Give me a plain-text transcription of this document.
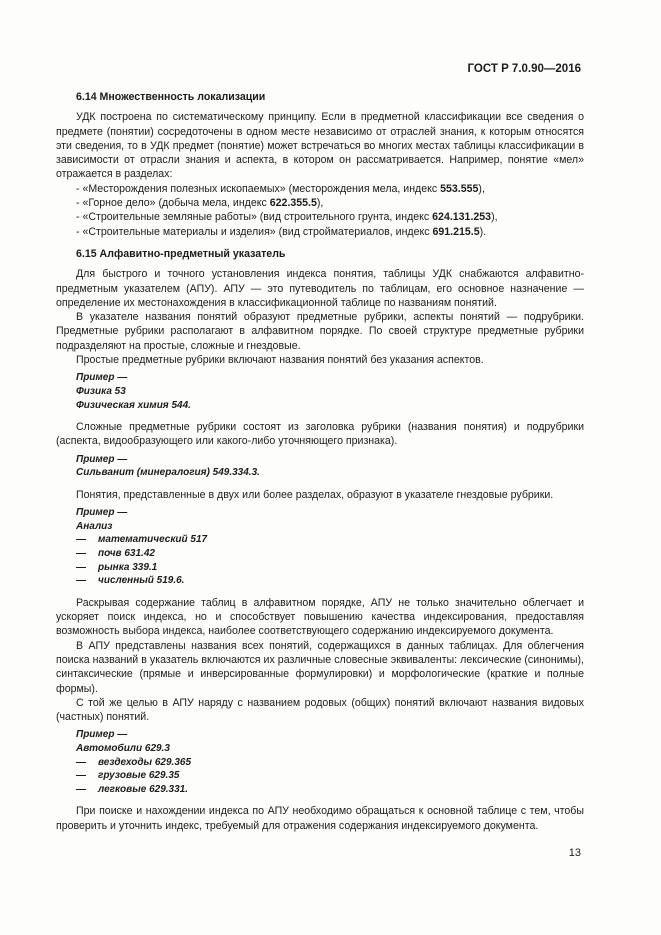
ГОСТ Р 7.0.90—2016
6.14 Множественность локализации

УДК построена по систематическому принципу. Если в предметной классификации все сведения о предмете (понятии) сосредоточены в одном месте независимо от отраслей знания, к которым относятся эти сведения, то в УДК предмет (понятие) может встречаться во многих местах таблицы классификации в зависимости от отрасли знания и аспекта, в котором он рассматривается. Например, понятие «мел» отражается в разделах:

- «Месторождения полезных ископаемых» (месторождения мела, индекс 553.555),

- «Горное дело» (добыча мела, индекс 622.355.5),

- «Строительные земляные работы» (вид строительного грунта, индекс 624.131.253),

- «Строительные материалы и изделия» (вид стройматериалов, индекс 691.215.5).

6.15 Алфавитно-предметный указатель

Для быстрого и точного установления индекса понятия, таблицы УДК снабжаются алфавитно-предметным указателем (АПУ). АПУ — это путеводитель по таблицам, его основное назначение — определение их местонахождения в классификационной таблице по названиям понятий.

В указателе названия понятий образуют предметные рубрики, аспекты понятий — подрубрики. Предметные рубрики располагают в алфавитном порядке. По своей структуре предметные рубрики подразделяют на простые, сложные и гнездовые.

Простые предметные рубрики включают названия понятий без указания аспектов.

Пример —
Физика 53
Физическая химия 544.

Сложные предметные рубрики состоят из заголовка рубрики (названия понятия) и подрубрики (аспекта, видообразующего или какого-либо уточняющего признака).

Пример —
Сильванит (минералогия) 549.334.3.

Понятия, представленные в двух или более разделах, образуют в указателе гнездовые рубрики.

Пример —
Анализ
—	математический 517
—	почв 631.42
—	рынка 339.1
—	численный 519.6.

Раскрывая содержание таблиц в алфавитном порядке, АПУ не только значительно облегчает и ускоряет поиск индекса, но и способствует повышению качества индексирования, предоставляя возможность выбора индекса, наиболее соответствующего содержанию индексируемого документа.

В АПУ представлены названия всех понятий, содержащихся в данных таблицах. Для облегчения поиска названий в указатель включаются их различные словесные эквиваленты: лексические (синонимы), синтаксические (прямые и инверсированные формулировки) и морфологические (краткие и полные формы).

С той же целью в АПУ наряду с названием родовых (общих) понятий включают названия видовых (частных) понятий.

Пример —
Автомобили 629.3
—	вездеходы 629.365
—	грузовые 629.35
—	легковые 629.331.

При поиске и нахождении индекса по АПУ необходимо обращаться к основной таблице с тем, чтобы проверить и уточнить индекс, требуемый для отражения содержания индексируемого документа.

13
